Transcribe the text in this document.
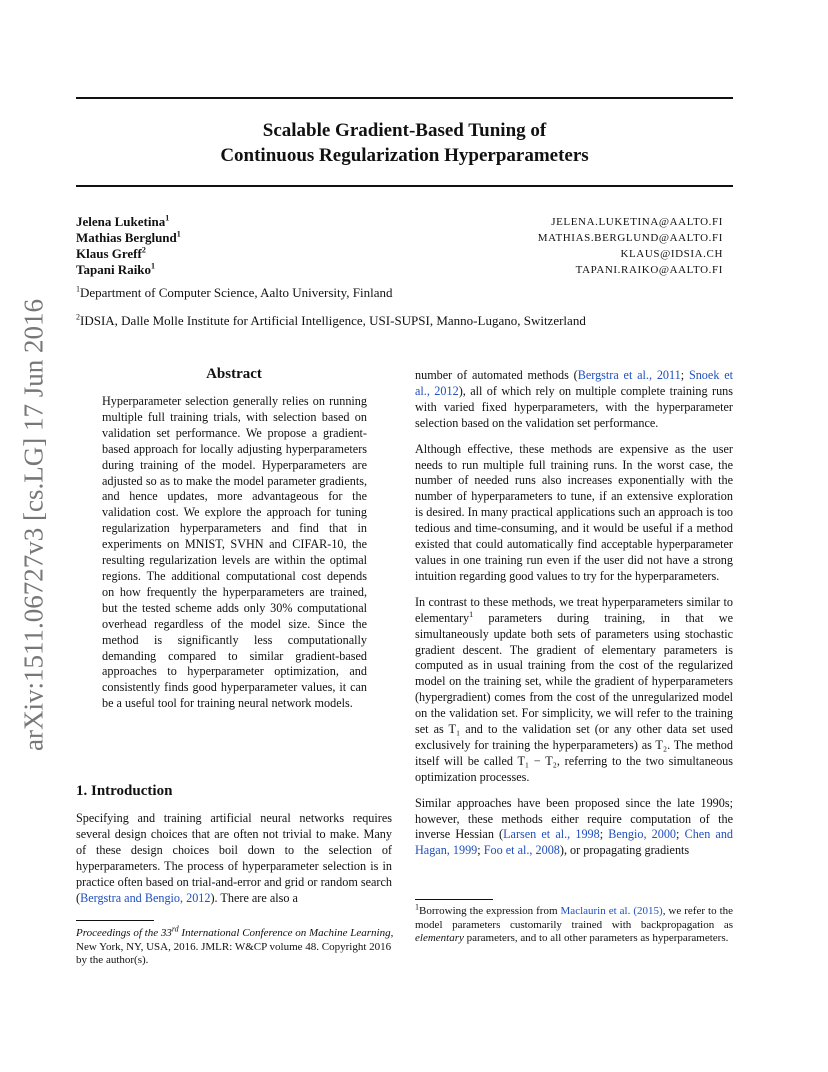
Scalable Gradient-Based Tuning of
Continuous Regularization Hyperparameters
Jelena Luketina$^1$
Mathias Berglund$^1$
Klaus Greff$^2$
Tapani Raiko$^1$
JELENA.LUKETINA@AALTO.FI
MATHIAS.BERGLUND@AALTO.FI
KLAUS@IDSIA.CH
TAPANI.RAIKO@AALTO.FI
$^1$Department of Computer Science, Aalto University, Finland
$^2$IDSIA, Dalle Molle Institute for Artificial Intelligence, USI-SUPSI, Manno-Lugano, Switzerland
arXiv:1511.06727v3 [cs.LG] 17 Jun 2016	Abstract
Hyperparameter selection generally relies on running multiple full training trials, with selection based on validation set performance. We propose a gradient-based approach for locally adjusting hyperparameters during training of the model. Hyperparameters are adjusted so as to make the model parameter gradients, and hence updates, more advantageous for the validation cost. We explore the approach for tuning regularization hyperparameters and find that in experiments on MNIST, SVHN and CIFAR-10, the resulting regularization levels are within the optimal regions. The additional computational cost depends on how frequently the hyperparameters are trained, but the tested scheme adds only 30% computational overhead regardless of the model size. Since the method is significantly less computationally demanding compared to similar gradient-based approaches to hyperparameter optimization, and consistently finds good hyperparameter values, it can be a useful tool for training neural network models.
1. Introduction
Specifying and training artificial neural networks requires several design choices that are often not trivial to make. Many of these design choices boil down to the selection of hyperparameters. The process of hyperparameter selection is in practice often based on trial-and-error and grid or random search (Bergstra and Bengio, 2012). There are also a

number of automated methods (Bergstra et al., 2011; Snoek et al., 2012), all of which rely on multiple complete training runs with varied fixed hyperparameters, with the hyperparameter selection based on the validation set performance.

Although effective, these methods are expensive as the user needs to run multiple full training runs. In the worst case, the number of needed runs also increases exponentially with the number of hyperparameters to tune, if an extensive exploration is desired. In many practical applications such an approach is too tedious and time-consuming, and it would be useful if a method existed that could automatically find acceptable hyperparameter values in one training run even if the user did not have a strong intuition regarding good values to try for the hyperparameters.

In contrast to these methods, we treat hyperparameters similar to elementary$^1$ parameters during training, in that we simultaneously update both sets of parameters using stochastic gradient descent. The gradient of elementary parameters is computed as in usual training from the cost of the regularized model on the training set, while the gradient of hyperparameters (hypergradient) comes from the cost of the unregularized model on the validation set. For simplicity, we will refer to the training set as T₁ and to the validation set (or any other data set used exclusively for training the hyperparameters) as T₂. The method itself will be called T₁ − T₂, referring to the two simultaneous optimization processes.

Similar approaches have been proposed since the late 1990s; however, these methods either require computation of the inverse Hessian (Larsen et al., 1998; Bengio, 2000; Chen and Hagan, 1999; Foo et al., 2008), or propagating gradients

Proceedings of the 33rd International Conference on Machine Learning, New York, NY, USA, 2016. JMLR: W&CP volume 48. Copyright 2016 by the author(s).
$^1$Borrowing the expression from Maclaurin et al. (2015), we refer to the model parameters customarily trained with backpropagation as elementary parameters, and to all other parameters as hyperparameters.
